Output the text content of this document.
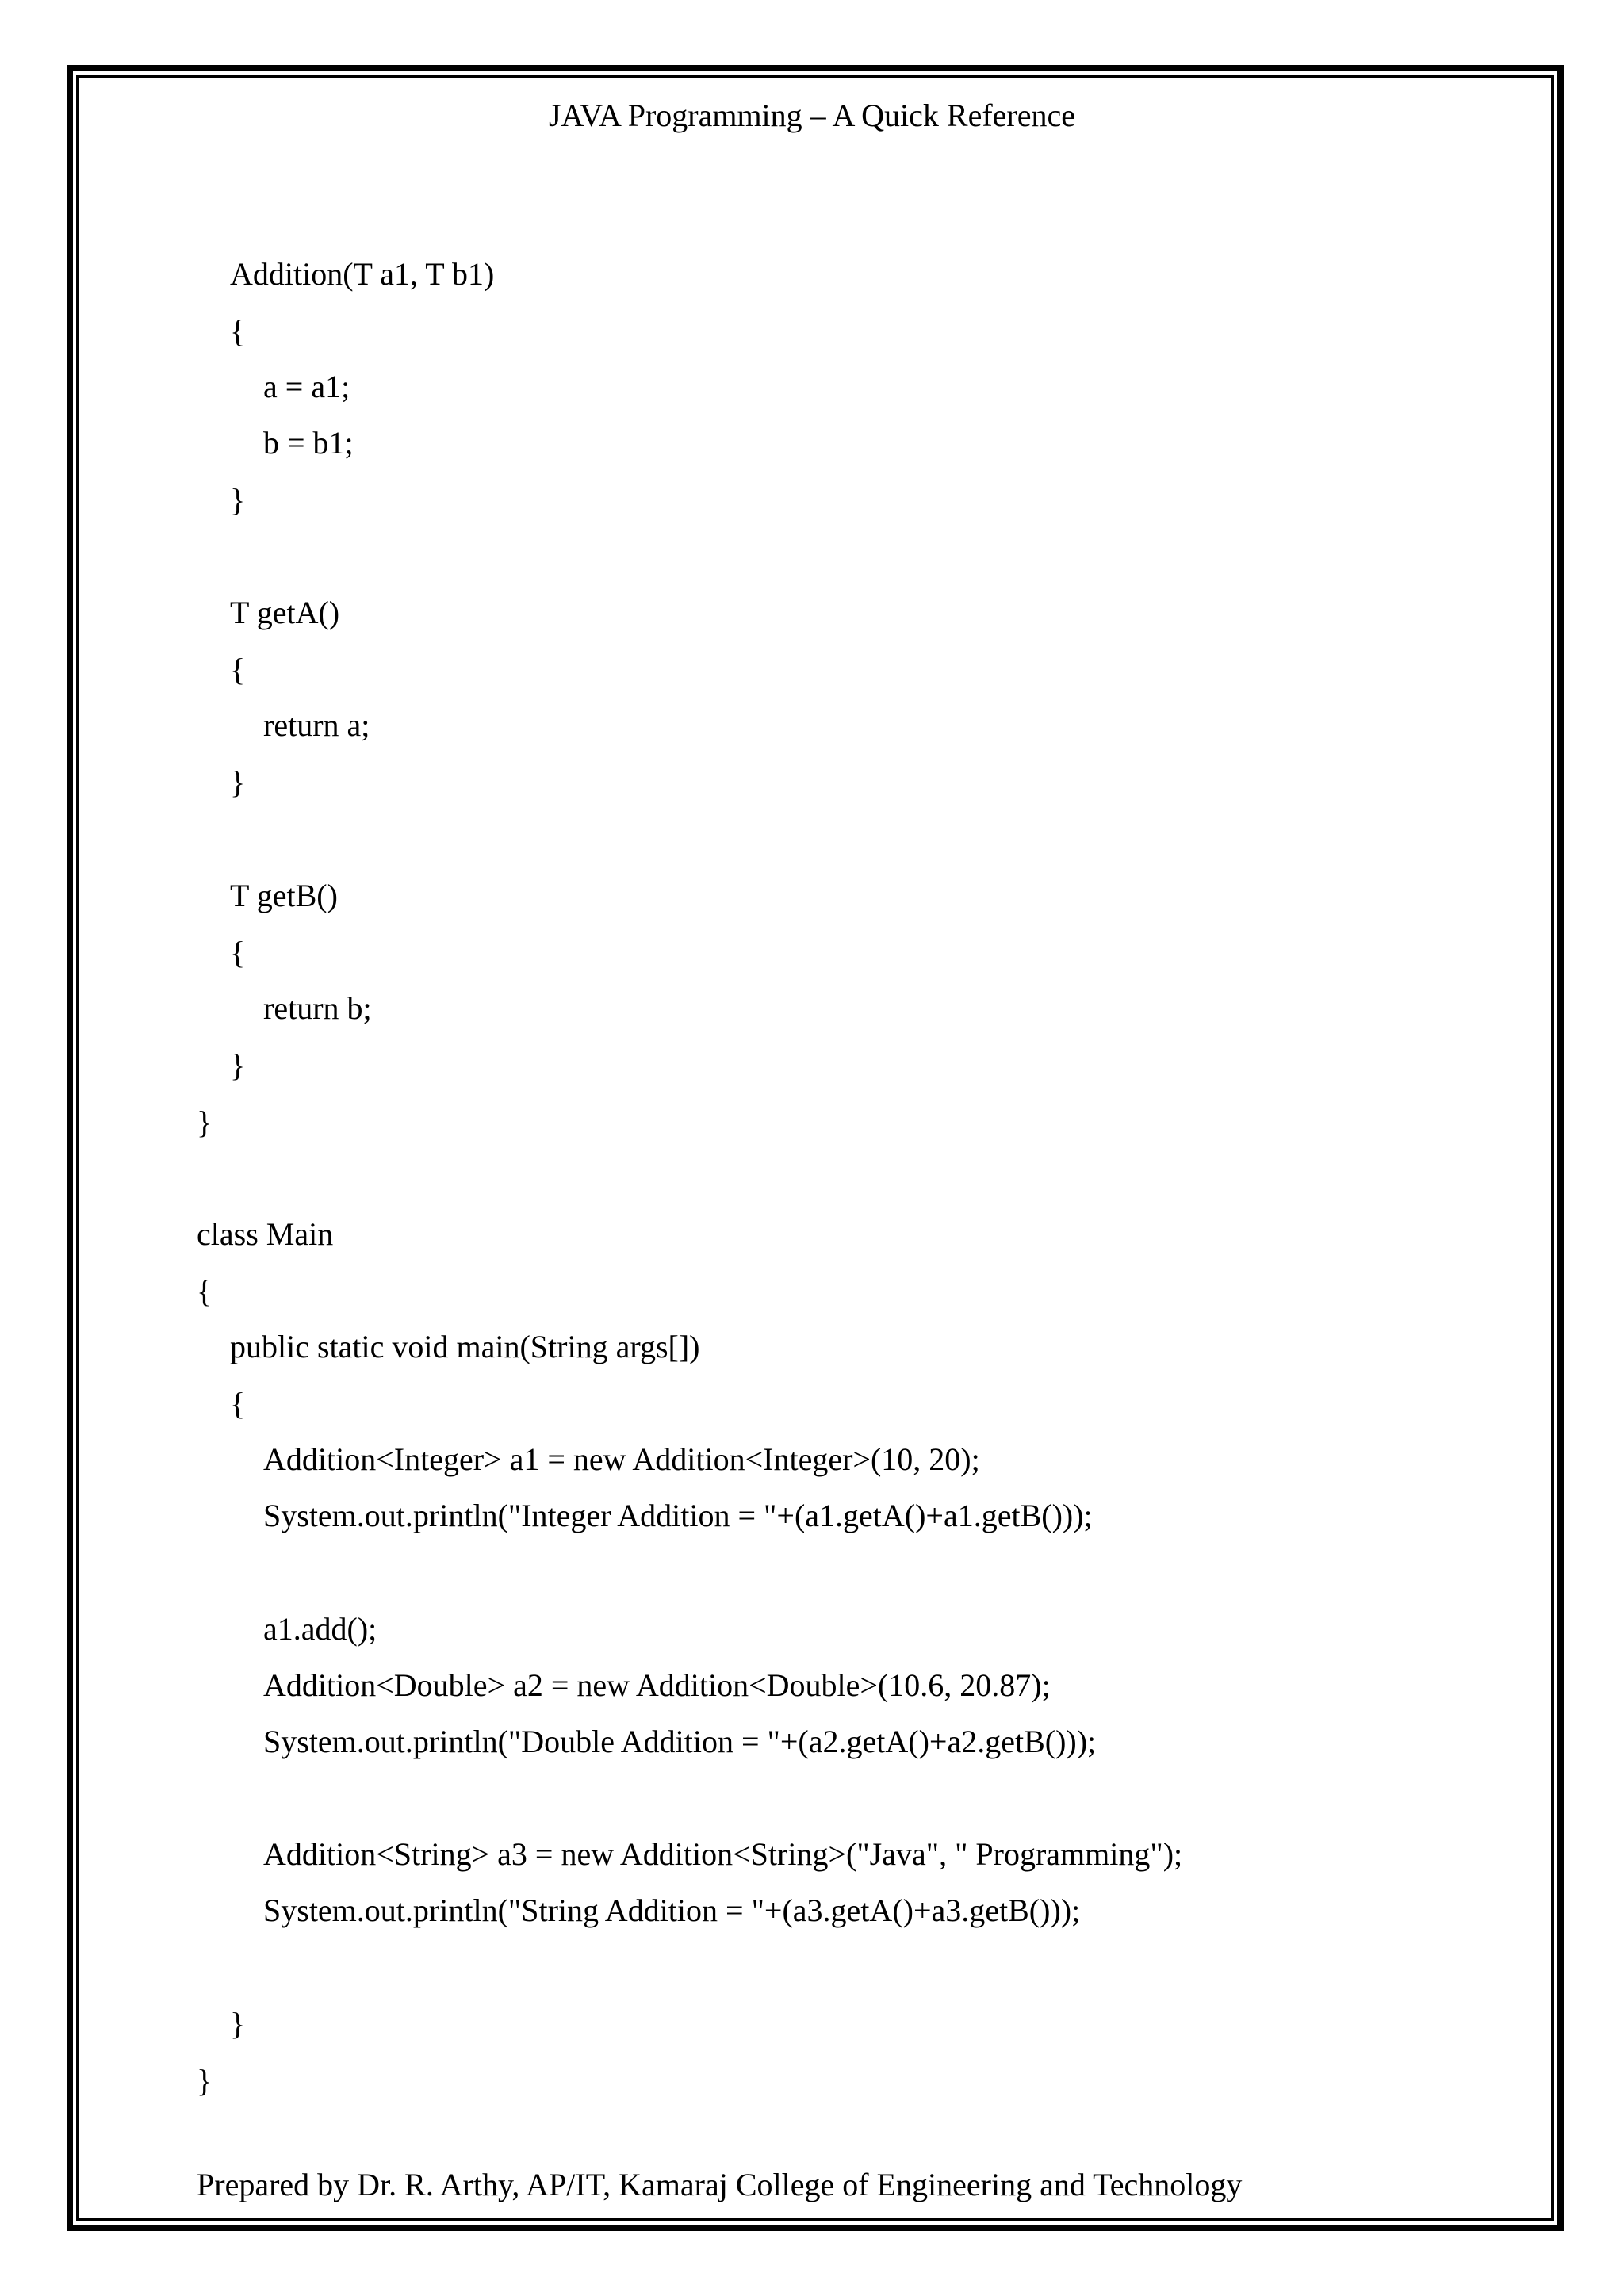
JAVA Programming – A Quick Reference
Addition(T a1, T b1)
{
a = a1;
b = b1;
}
T getA()
{
return a;
}
T getB()
{
return b;
}
}
class Main
{
public static void main(String args[])
{
Addition<Integer> a1 = new Addition<Integer>(10, 20);
System.out.println("Integer Addition = "+(a1.getA()+a1.getB()));
a1.add();
Addition<Double> a2 = new Addition<Double>(10.6, 20.87);
System.out.println("Double Addition = "+(a2.getA()+a2.getB()));
Addition<String> a3 = new Addition<String>("Java", " Programming");
System.out.println("String Addition = "+(a3.getA()+a3.getB()));
}
}
Prepared by Dr. R. Arthy, AP/IT, Kamaraj College of Engineering and Technology
